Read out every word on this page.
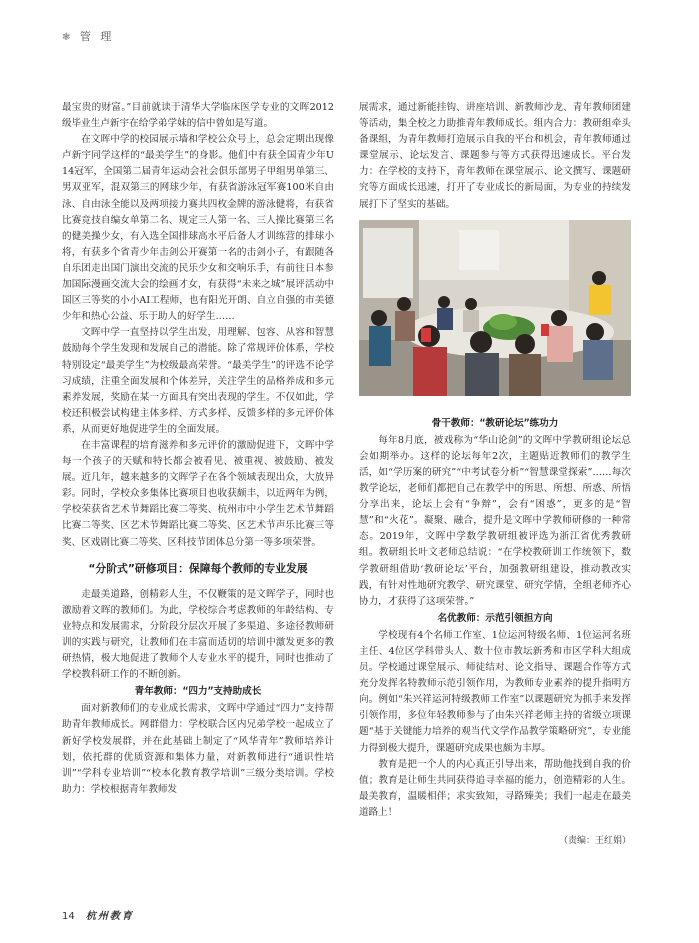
❃ 管 理

最宝贵的财富。”目前就读于清华大学临床医学专业的文晖2012级毕业生卢新宇在给学弟学妹的信中曾如是写道。

在文晖中学的校园展示墙和学校公众号上，总会定期出现像卢新宇同学这样的“最美学生”的身影。他们中有获全国青少年U14冠军，全国第二届青年运动会社会俱乐部男子甲组男单第三、男双亚军，混双第三的网球少年，有获省游泳冠军赛100米自由泳、自由泳全能以及两项接力赛共四枚金牌的游泳健将，有获省比赛竞技自编女单第二名、规定三人第一名、三人操比赛第三名的健美操少女，有入选全国排球高水平后备人才训练营的排球小将，有获多个省青少年击剑公开赛第一名的击剑小子，有跟随各自乐团走出国门演出交流的民乐少女和交响乐手，有前往日本参加国际漫画交流大会的绘画才女，有获得“未来之城”展评活动中国区三等奖的小小AI工程师，也有阳光开朗、自立自强的市美德少年和热心公益、乐于助人的好学生……

文晖中学一直坚持以学生出发，用理解、包容、从容和智慧鼓励每个学生发现和发展自己的潜能。除了常规评价体系，学校特别设定“最美学生”为校级最高荣誉。“最美学生”的评选不论学习成绩，注重全面发展和个体差异，关注学生的品格养成和多元素养发展，奖励在某一方面具有突出表现的学生。不仅如此，学校还积极尝试构建主体多样、方式多样、反馈多样的多元评价体系，从而更好地促进学生的全面发展。

在丰富课程的培育滋养和多元评价的激励促进下，文晖中学每一个孩子的天赋和特长都会被看见、被重视、被鼓励、被发展。近几年，越来越多的文晖学子在各个领域表现出众，大放异彩。同时，学校众多集体比赛项目也收获颇丰，以近两年为例，学校荣获省艺术节舞蹈比赛二等奖、杭州市中小学生艺术节舞蹈比赛二等奖、区艺术节舞蹈比赛二等奖、区艺术节声乐比赛三等奖、区戏剧比赛二等奖、区科技节团体总分第一等多项荣誉。

“分阶式”研修项目：保障每个教师的专业发展

走最美道路，创精彩人生，不仅鞭策的是文晖学子，同时也激励着文晖的教师们。为此，学校综合考虑教师的年龄结构、专业特点和发展需求，分阶段分层次开展了多渠道、多途径教师研训的实践与研究，让教师们在丰富而适切的培训中激发更多的教研热情，极大地促进了教师个人专业水平的提升，同时也推动了学校教科研工作的不断创新。

青年教师：“四力”支持助成长

面对新教师们的专业成长需求，文晖中学通过“四力”支持帮助青年教师成长。网群借力：学校联合区内兄弟学校一起成立了新好学校发展群，并在此基础上制定了“风华青年”教师培养计划，依托群的优质资源和集体力量，对新教师进行“通识性培训”“学科专业培训”“校本化教育教学培训”三级分类培训。学校助力：学校根据青年教师发

展需求，通过新能挂钩、讲座培训、新教师沙龙、青年教师团建等活动，集全校之力助推青年教师成长。组内合力：教研组牵头备课组，为青年教师打造展示自我的平台和机会，青年教师通过课堂展示、论坛发言、课题参与等方式获得迅速成长。平台发力：在学校的支持下，青年教师在课堂展示、论文撰写、课题研究等方面成长迅速，打开了专业成长的新局面，为专业的持续发展打下了坚实的基础。

骨干教师：“教研论坛”练功力

每年8月底，被戏称为“华山论剑”的文晖中学教研组论坛总会如期举办。这样的论坛每年2次，主题贴近教师们的教学生活，如“学历案的研究”“中考试卷分析”“智慧课堂探索”……每次教学论坛，老师们都把自己在教学中的所思、所想、所惑、所悟分享出来，论坛上会有“争辩”，会有“困惑”，更多的是“智慧”和“火花”。凝聚、融合，提升是文晖中学教师研修的一种常态。2019年，文晖中学数学教研组被评选为浙江省优秀教研组。教研组长叶文老师总结说：“在学校教研训工作统领下，数学教研组借助‘教研论坛’平台，加强教研组建设，推动教改实践，有针对性地研究教学、研究课堂、研究学情，全组老师齐心协力，才获得了这项荣誉。”

名优教师：示范引领担方向

学校现有4个名师工作室、1位运河特级名师、1位运河名班主任、4位区学科带头人、数十位市教坛新秀和市区学科大组成员。学校通过课堂展示、师徒结对、论文指导、课题合作等方式充分发挥名特教师示范引领作用，为教师专业素养的提升指明方向。例如“朱兴祥运河特级教师工作室”以课题研究为抓手来发挥引领作用，多位年轻教师参与了由朱兴祥老师主持的省级立项课题“基于关键能力培养的观当代文学作品教学策略研究”，专业能力得到极大提升，课题研究成果也颇为丰厚。

教育是把一个人的内心真正引导出来，帮助他找到自我的价值；教育是让师生共同获得追寻幸福的能力，创造精彩的人生。最美教育，温暖相伴；求实致知，寻路臻美；我们一起走在最美道路上！

（责编：王红娟）
14 杭州教育
